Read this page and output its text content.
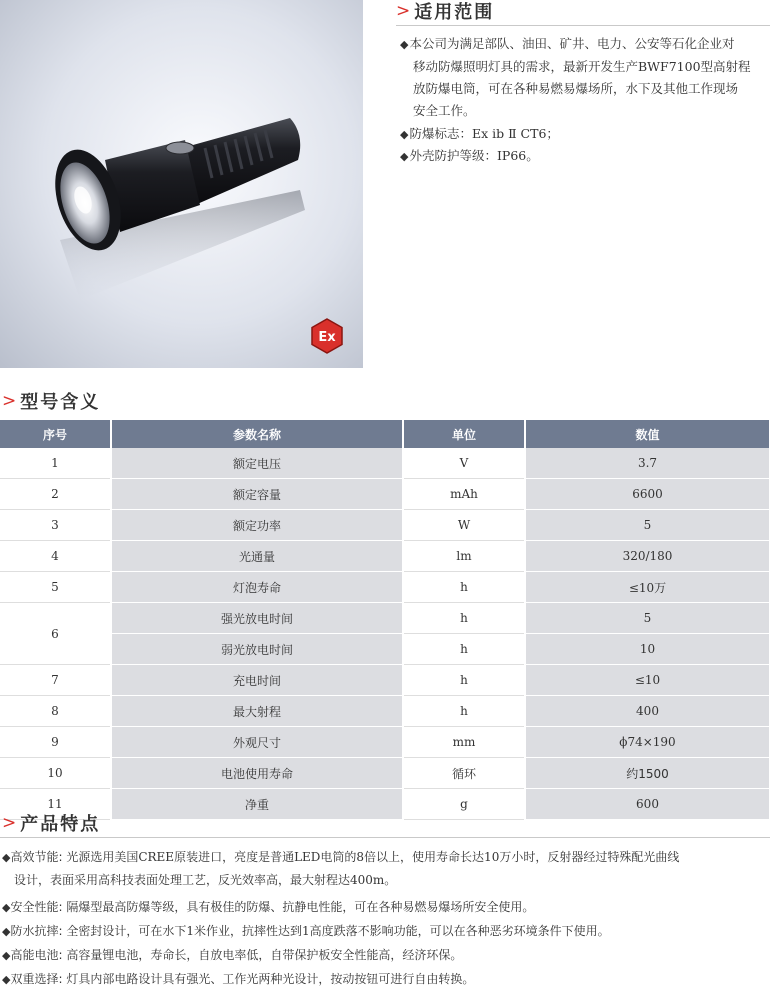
Ex
> 适用范围
◆本公司为满足部队、油田、矿井、电力、公安等石化企业对
移动防爆照明灯具的需求，最新开发生产BWF7100型高射程
放防爆电筒，可在各种易燃易爆场所，水下及其他工作现场
安全工作。
◆防爆标志：Ex ib Ⅱ CT6；
◆外壳防护等级：IP66。
> 型号含义
序号	参数名称	单位	数值
1	额定电压	V	3.7
2	额定容量	mAh	6600
3	额定功率	W	5
4	光通量	lm	320/180
5	灯泡寿命	h	≤10万
6	强光放电时间	h	5
	弱光放电时间	h	10
7	充电时间	h	≤10
8	最大射程	h	400
9	外观尺寸	mm	ϕ74×190
10	电池使用寿命	循环	约1500
11	净重	g	600
> 产品特点
◆高效节能: 光源选用美国CREE原装进口，亮度是普通LED电筒的8倍以上，使用寿命长达10万小时，反射器经过特殊配光曲线
设计，表面采用高科技表面处理工艺，反光效率高，最大射程达400m。
◆安全性能: 隔爆型最高防爆等级，具有极佳的防爆、抗静电性能，可在各种易燃易爆场所安全使用。
◆防水抗摔: 全密封设计，可在水下1米作业，抗摔性达到1高度跌落不影响功能，可以在各种恶劣环境条件下使用。
◆高能电池: 高容量锂电池，寿命长，自放电率低，自带保护板安全性能高，经济环保。
◆双重选择: 灯具内部电路设计具有强光、工作光两种光设计，按动按钮可进行自由转换。
